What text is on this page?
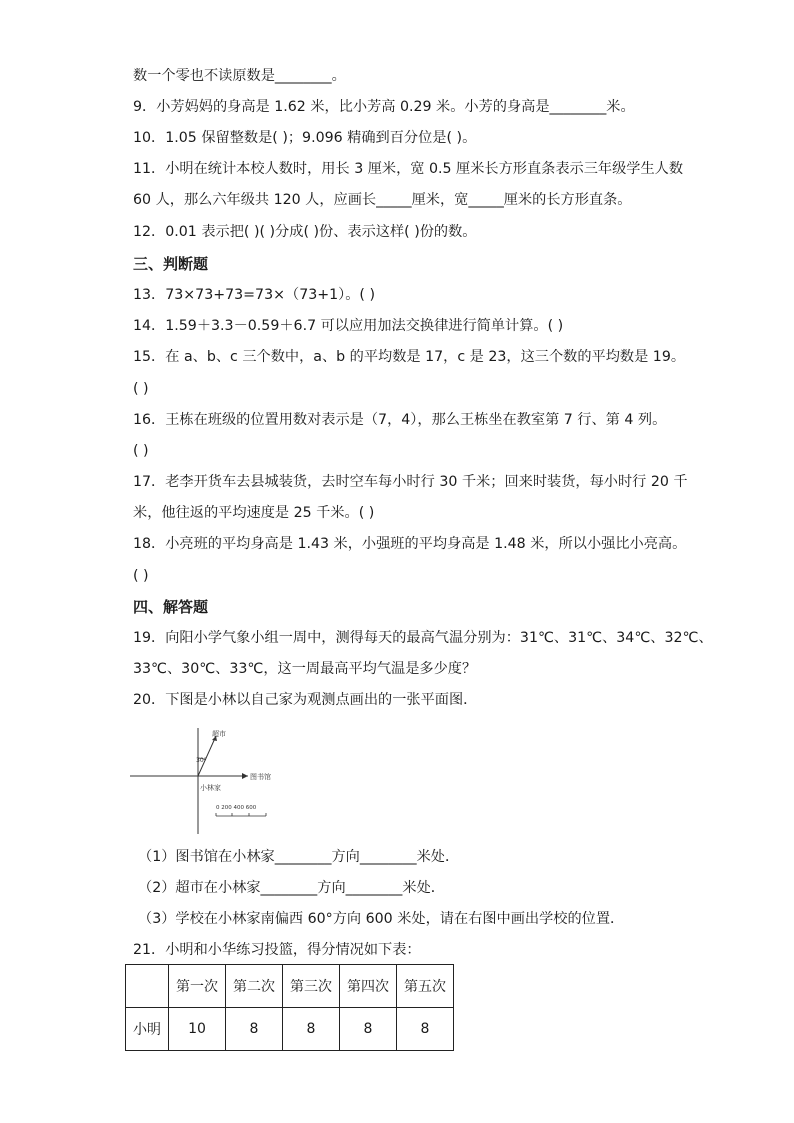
数一个零也不读原数是________。
9．小芳妈妈的身高是 1.62 米，比小芳高 0.29 米。小芳的身高是________米。
10．1.05 保留整数是( )；9.096 精确到百分位是( )。
11．小明在统计本校人数时，用长 3 厘米，宽 0.5 厘米长方形直条表示三年级学生人数
60 人，那么六年级共 120 人，应画长_____厘米，宽_____厘米的长方形直条。
12．0.01 表示把( )( )分成( )份、表示这样( )份的数。
三、判断题
13．73×73+73=73×（73+1）。( )
14．1.59＋3.3－0.59＋6.7 可以应用加法交换律进行简单计算。( )
15．在 a、b、c 三个数中，a、b 的平均数是 17，c 是 23，这三个数的平均数是 19。
( )
16．王栋在班级的位置用数对表示是（7，4），那么王栋坐在教室第 7 行、第 4 列。
( )
17．老李开货车去县城装货，去时空车每小时行 30 千米；回来时装货，每小时行 20 千
米，他往返的平均速度是 25 千米。( )
18．小亮班的平均身高是 1.43 米，小强班的平均身高是 1.48 米，所以小强比小亮高。
( )
四、解答题
19．向阳小学气象小组一周中，测得每天的最高气温分别为：31℃、31℃、34℃、32℃、
33℃、30℃、33℃，这一周最高平均气温是多少度？
20．下图是小林以自己家为观测点画出的一张平面图．
超市
图书馆
30°
小林家
0 200 400 600
（1）图书馆在小林家________方向________米处．
（2）超市在小林家________方向________米处．
（3）学校在小林家南偏西 60°方向 600 米处，请在右图中画出学校的位置．
21．小明和小华练习投篮，得分情况如下表：
	第一次	第二次	第三次	第四次	第五次
小明	10	8	8	8	8
